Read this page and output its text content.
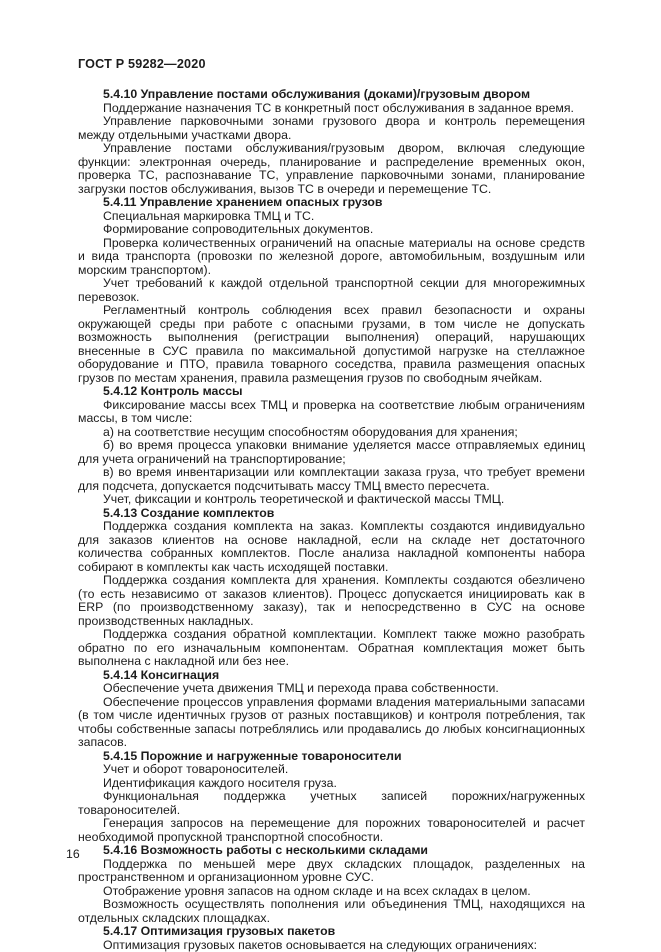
ГОСТ Р 59282—2020
5.4.10 Управление постами обслуживания (доками)/грузовым двором

Поддержание назначения ТС в конкретный пост обслуживания в заданное время.

Управление парковочными зонами грузового двора и контроль перемещения между отдельными участками двора.

Управление постами обслуживания/грузовым двором, включая следующие функции: электронная очередь, планирование и распределение временных окон, проверка ТС, распознавание ТС, управление парковочными зонами, планирование загрузки постов обслуживания, вызов ТС в очереди и перемещение ТС.

5.4.11 Управление хранением опасных грузов

Специальная маркировка ТМЦ и ТС.

Формирование сопроводительных документов.

Проверка количественных ограничений на опасные материалы на основе средств и вида транспорта (провозки по железной дороге, автомобильным, воздушным или морским транспортом).

Учет требований к каждой отдельной транспортной секции для многорежимных перевозок.

Регламентный контроль соблюдения всех правил безопасности и охраны окружающей среды при работе с опасными грузами, в том числе не допускать возможность выполнения (регистрации выполнения) операций, нарушающих внесенные в СУС правила по максимальной допустимой нагрузке на стеллажное оборудование и ПТО, правила товарного соседства, правила размещения опасных грузов по местам хранения, правила размещения грузов по свободным ячейкам.

5.4.12 Контроль массы

Фиксирование массы всех ТМЦ и проверка на соответствие любым ограничениям массы, в том числе:

а) на соответствие несущим способностям оборудования для хранения;

б) во время процесса упаковки внимание уделяется массе отправляемых единиц для учета ограничений на транспортирование;

в) во время инвентаризации или комплектации заказа груза, что требует времени для подсчета, допускается подсчитывать массу ТМЦ вместо пересчета.

Учет, фиксации и контроль теоретической и фактической массы ТМЦ.

5.4.13 Создание комплектов

Поддержка создания комплекта на заказ. Комплекты создаются индивидуально для заказов клиентов на основе накладной, если на складе нет достаточного количества собранных комплектов. После анализа накладной компоненты набора собирают в комплекты как часть исходящей поставки.

Поддержка создания комплекта для хранения. Комплекты создаются обезличено (то есть независимо от заказов клиентов). Процесс допускается инициировать как в ERP (по производственному заказу), так и непосредственно в СУС на основе производственных накладных.

Поддержка создания обратной комплектации. Комплект также можно разобрать обратно по его изначальным компонентам. Обратная комплектация может быть выполнена с накладной или без нее.

5.4.14 Консигнация

Обеспечение учета движения ТМЦ и перехода права собственности.

Обеспечение процессов управления формами владения материальными запасами (в том числе идентичных грузов от разных поставщиков) и контроля потребления, так чтобы собственные запасы потреблялись или продавались до любых консигнационных запасов.

5.4.15 Порожние и нагруженные товароносители

Учет и оборот товароносителей.

Идентификация каждого носителя груза.

Функциональная поддержка учетных записей порожних/нагруженных товароносителей.

Генерация запросов на перемещение для порожних товароносителей и расчет необходимой пропускной транспортной способности.

5.4.16 Возможность работы с несколькими складами

Поддержка по меньшей мере двух складских площадок, разделенных на пространственном и организационном уровне СУС.

Отображение уровня запасов на одном складе и на всех складах в целом.

Возможность осуществлять пополнения или объединения ТМЦ, находящихся на отдельных складских площадках.

5.4.17 Оптимизация грузовых пакетов

Оптимизация грузовых пакетов основывается на следующих ограничениях:

16
